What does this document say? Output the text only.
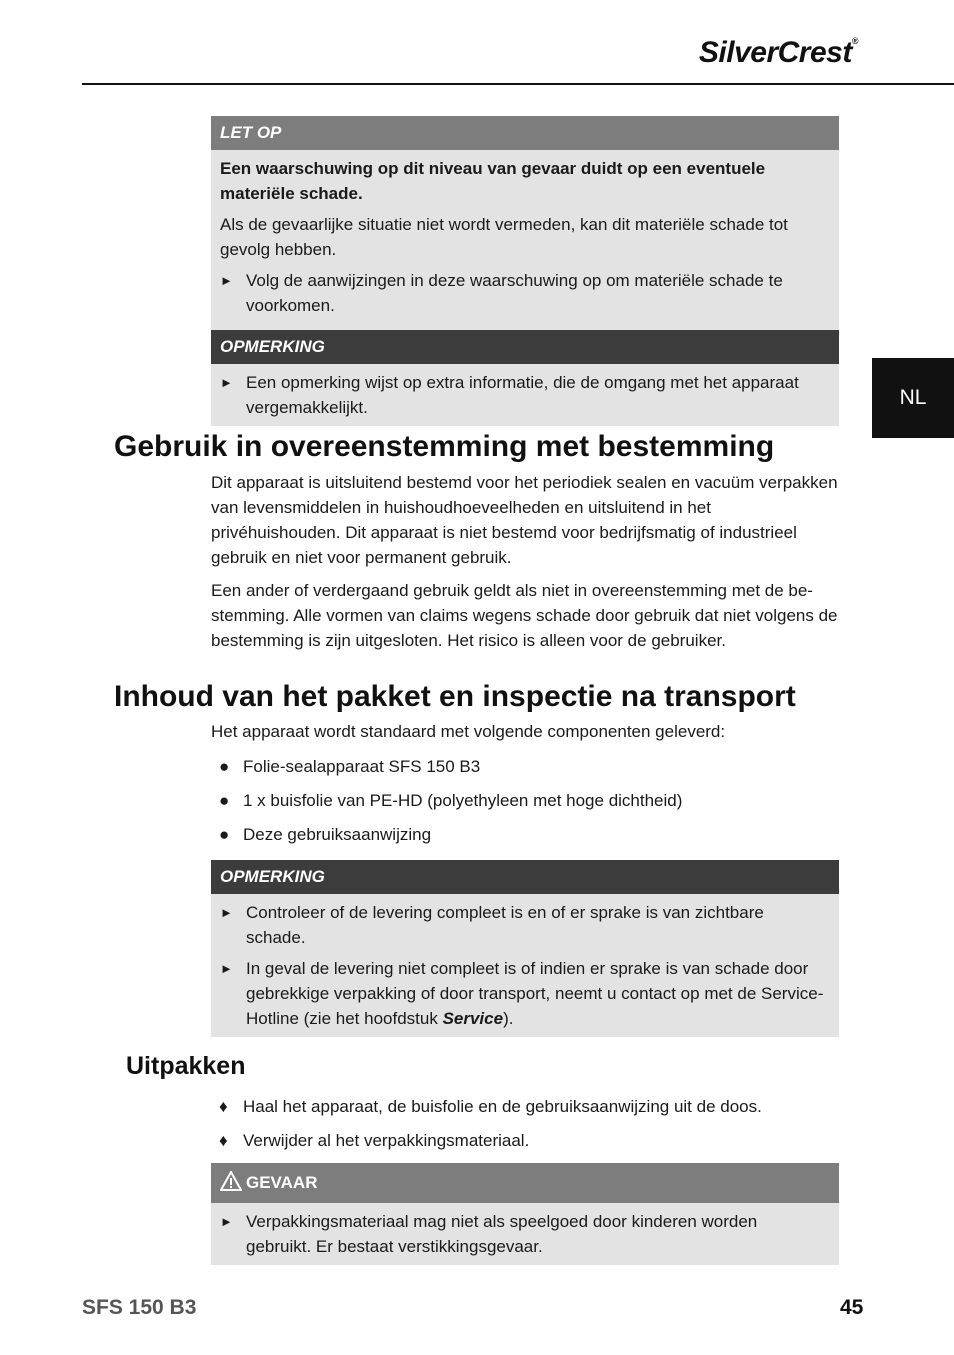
SilverCrest®
NL
LET OP

Een waarschuwing op dit niveau van gevaar duidt op een eventuele materiële schade.

Als de gevaarlijke situatie niet wordt vermeden, kan dit materiële schade tot gevolg hebben.

► Volg de aanwijzingen in deze waarschuwing op om materiële schade te voorkomen.
OPMERKING
► Een opmerking wijst op extra informatie, die de omgang met het apparaat vergemakkelijkt.
Gebruik in overeenstemming met bestemming

Dit apparaat is uitsluitend bestemd voor het periodiek sealen en vacuüm verpakken van levensmiddelen in huishoudhoeveelheden en uitsluitend in het privéhuishouden. Dit apparaat is niet bestemd voor bedrijfsmatig of industrieel gebruik en niet voor permanent gebruik.

Een ander of verdergaand gebruik geldt als niet in overeenstemming met de be-stemming. Alle vormen van claims wegens schade door gebruik dat niet volgens de bestemming is zijn uitgesloten. Het risico is alleen voor de gebruiker.

Inhoud van het pakket en inspectie na transport

Het apparaat wordt standaard met volgende componenten geleverd:

● Folie-sealapparaat SFS 150 B3
● 1 x buisfolie van PE-HD (polyethyleen met hoge dichtheid)
● Deze gebruiksaanwijzing
OPMERKING
► Controleer of de levering compleet is en of er sprake is van zichtbare schade.
► In geval de levering niet compleet is of indien er sprake is van schade door gebrekkige verpakking of door transport, neemt u contact op met de Service-Hotline (zie het hoofdstuk Service).
Uitpakken
♦ Haal het apparaat, de buisfolie en de gebruiksaanwijzing uit de doos.
♦ Verwijder al het verpakkingsmateriaal.
GEVAAR
► Verpakkingsmateriaal mag niet als speelgoed door kinderen worden gebruikt. Er bestaat verstikkingsgevaar.
SFS 150 B3	45
